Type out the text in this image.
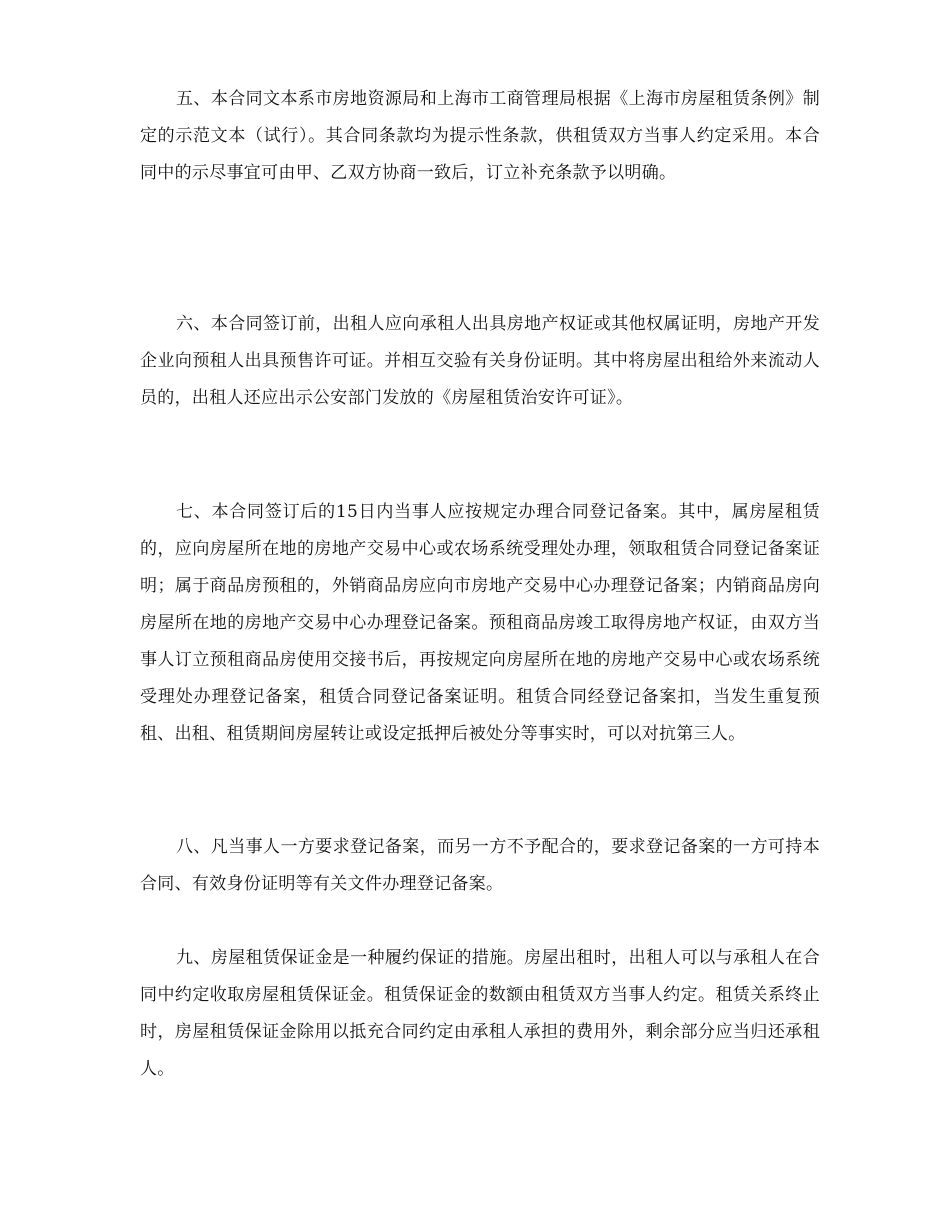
五、本合同文本系市房地资源局和上海市工商管理局根据《上海市房屋租赁条例》制定的示范文本（试行）。其合同条款均为提示性条款，供租赁双方当事人约定采用。本合同中的示尽事宜可由甲、乙双方协商一致后，订立补充条款予以明确。

六、本合同签订前，出租人应向承租人出具房地产权证或其他权属证明，房地产开发企业向预租人出具预售许可证。并相互交验有关身份证明。其中将房屋出租给外来流动人员的，出租人还应出示公安部门发放的《房屋租赁治安许可证》。

七、本合同签订后的15日内当事人应按规定办理合同登记备案。其中，属房屋租赁的，应向房屋所在地的房地产交易中心或农场系统受理处办理，领取租赁合同登记备案证明；属于商品房预租的，外销商品房应向市房地产交易中心办理登记备案；内销商品房向房屋所在地的房地产交易中心办理登记备案。预租商品房竣工取得房地产权证，由双方当事人订立预租商品房使用交接书后，再按规定向房屋所在地的房地产交易中心或农场系统受理处办理登记备案，租赁合同登记备案证明。租赁合同经登记备案扣，当发生重复预租、出租、租赁期间房屋转让或设定抵押后被处分等事实时，可以对抗第三人。

八、凡当事人一方要求登记备案，而另一方不予配合的，要求登记备案的一方可持本合同、有效身份证明等有关文件办理登记备案。

九、房屋租赁保证金是一种履约保证的措施。房屋出租时，出租人可以与承租人在合同中约定收取房屋租赁保证金。租赁保证金的数额由租赁双方当事人约定。租赁关系终止时，房屋租赁保证金除用以抵充合同约定由承租人承担的费用外，剩余部分应当归还承租人。
